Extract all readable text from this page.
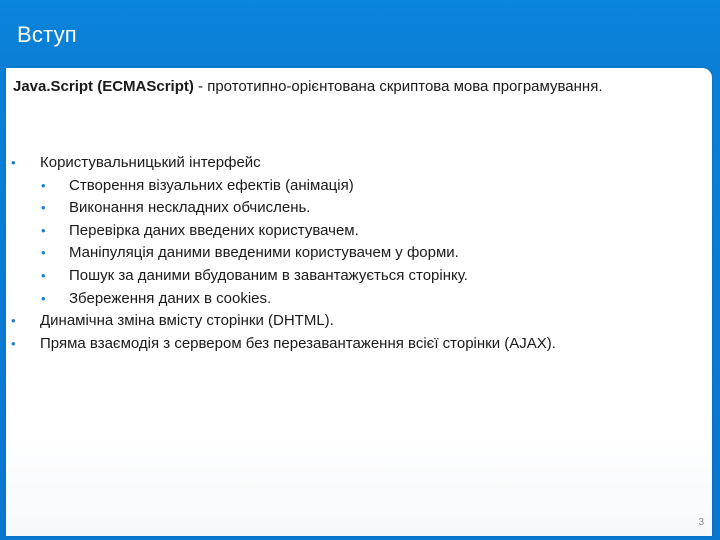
Вступ
Java.Script (ECMAScript) - прототипно-орієнтована скриптова мова програмування.
• Користувальницький інтерфейс
• Створення візуальних ефектів (анімація)
• Виконання нескладних обчислень.
• Перевірка даних введених користувачем.
• Маніпуляція даними введеними користувачем у форми.
• Пошук за даними вбудованим в завантажується сторінку.
• Збереження даних в cookies.
• Динамічна зміна вмісту сторінки (DHTML).
• Пряма взаємодія з сервером без перезавантаження всієї сторінки (AJAX).
3
